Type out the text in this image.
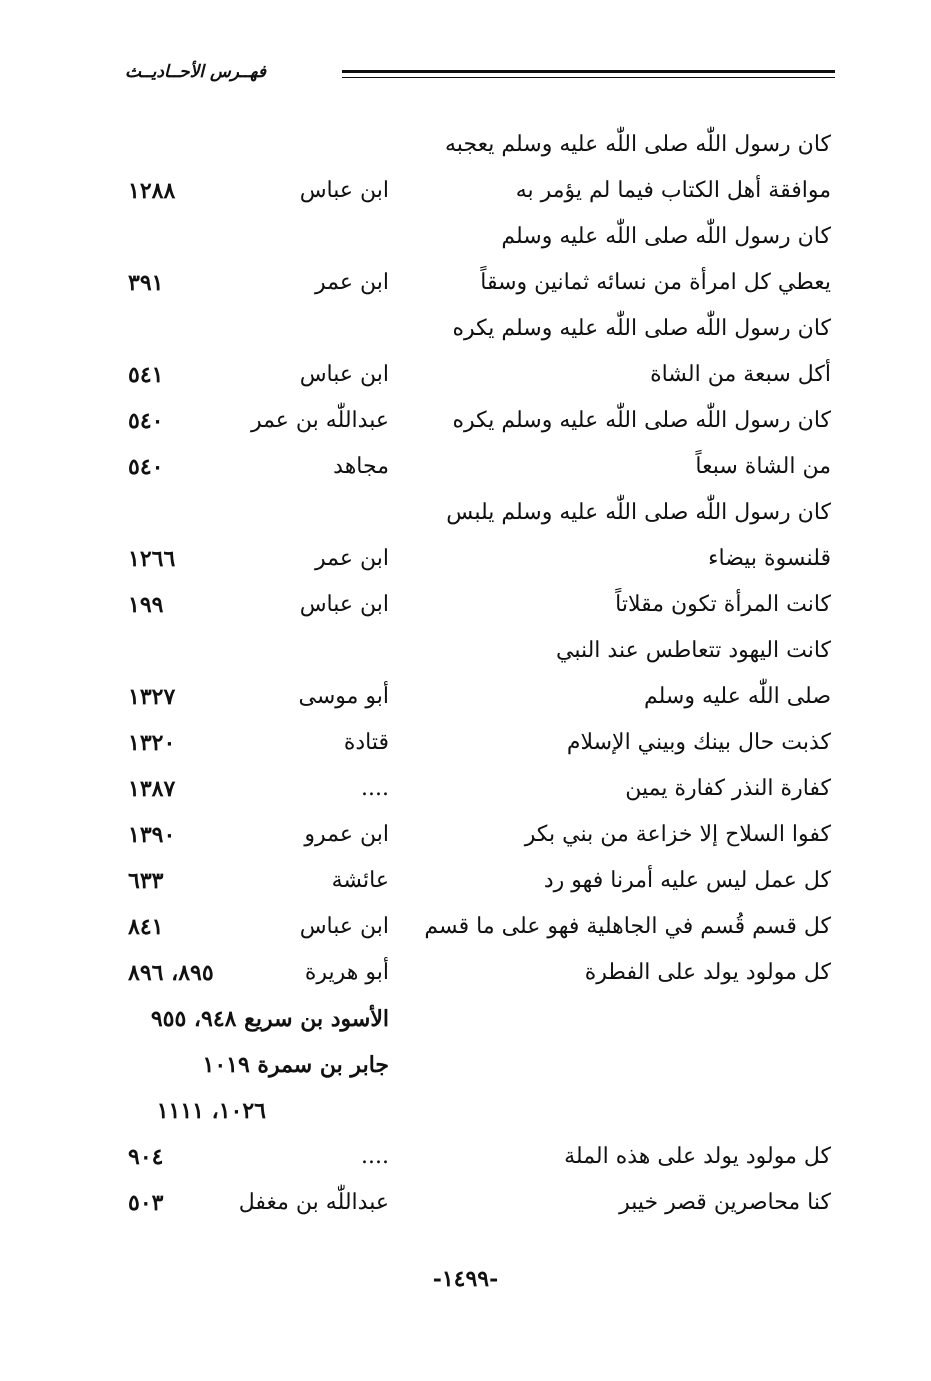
فهــرس الأحــاديــث
كان رسول اللّٰه صلى اللّٰه عليه وسلم يعجبه
موافقة أهل الكتاب فيما لم يؤمر به
ابن عباس
١٢٨٨
كان رسول اللّٰه صلى اللّٰه عليه وسلم
يعطي كل امرأة من نسائه ثمانين وسقاً
ابن عمر
٣٩١
كان رسول اللّٰه صلى اللّٰه عليه وسلم يكره
أكل سبعة من الشاة
ابن عباس
٥٤١
كان رسول اللّٰه صلى اللّٰه عليه وسلم يكره
عبداللّٰه بن عمر
٥٤٠
من الشاة سبعاً
مجاهد
٥٤٠
كان رسول اللّٰه صلى اللّٰه عليه وسلم يلبس
قلنسوة بيضاء
ابن عمر
١٢٦٦
كانت المرأة تكون مقلاتاً
ابن عباس
١٩٩
كانت اليهود تتعاطس عند النبي
صلى اللّٰه عليه وسلم
أبو موسى
١٣٢٧
كذبت حال بينك وبيني الإسلام
قتادة
١٣٢٠
كفارة النذر كفارة يمين
....
١٣٨٧
كفوا السلاح إلا خزاعة من بني بكر
ابن عمرو
١٣٩٠
كل عمل ليس عليه أمرنا فهو رد
عائشة
٦٣٣
كل قسم قُسم في الجاهلية فهو على ما قسم
ابن عباس
٨٤١
كل مولود يولد على الفطرة
أبو هريرة
٨٩٥، ٨٩٦
الأسود بن سريع ٩٤٨، ٩٥٥
جابر بن سمرة ١٠١٩
١٠٢٦، ١١١١
كل مولود يولد على هذه الملة
....
٩٠٤
كنا محاصرين قصر خيبر
عبداللّٰه بن مغفل
٥٠٣
-١٤٩٩-
